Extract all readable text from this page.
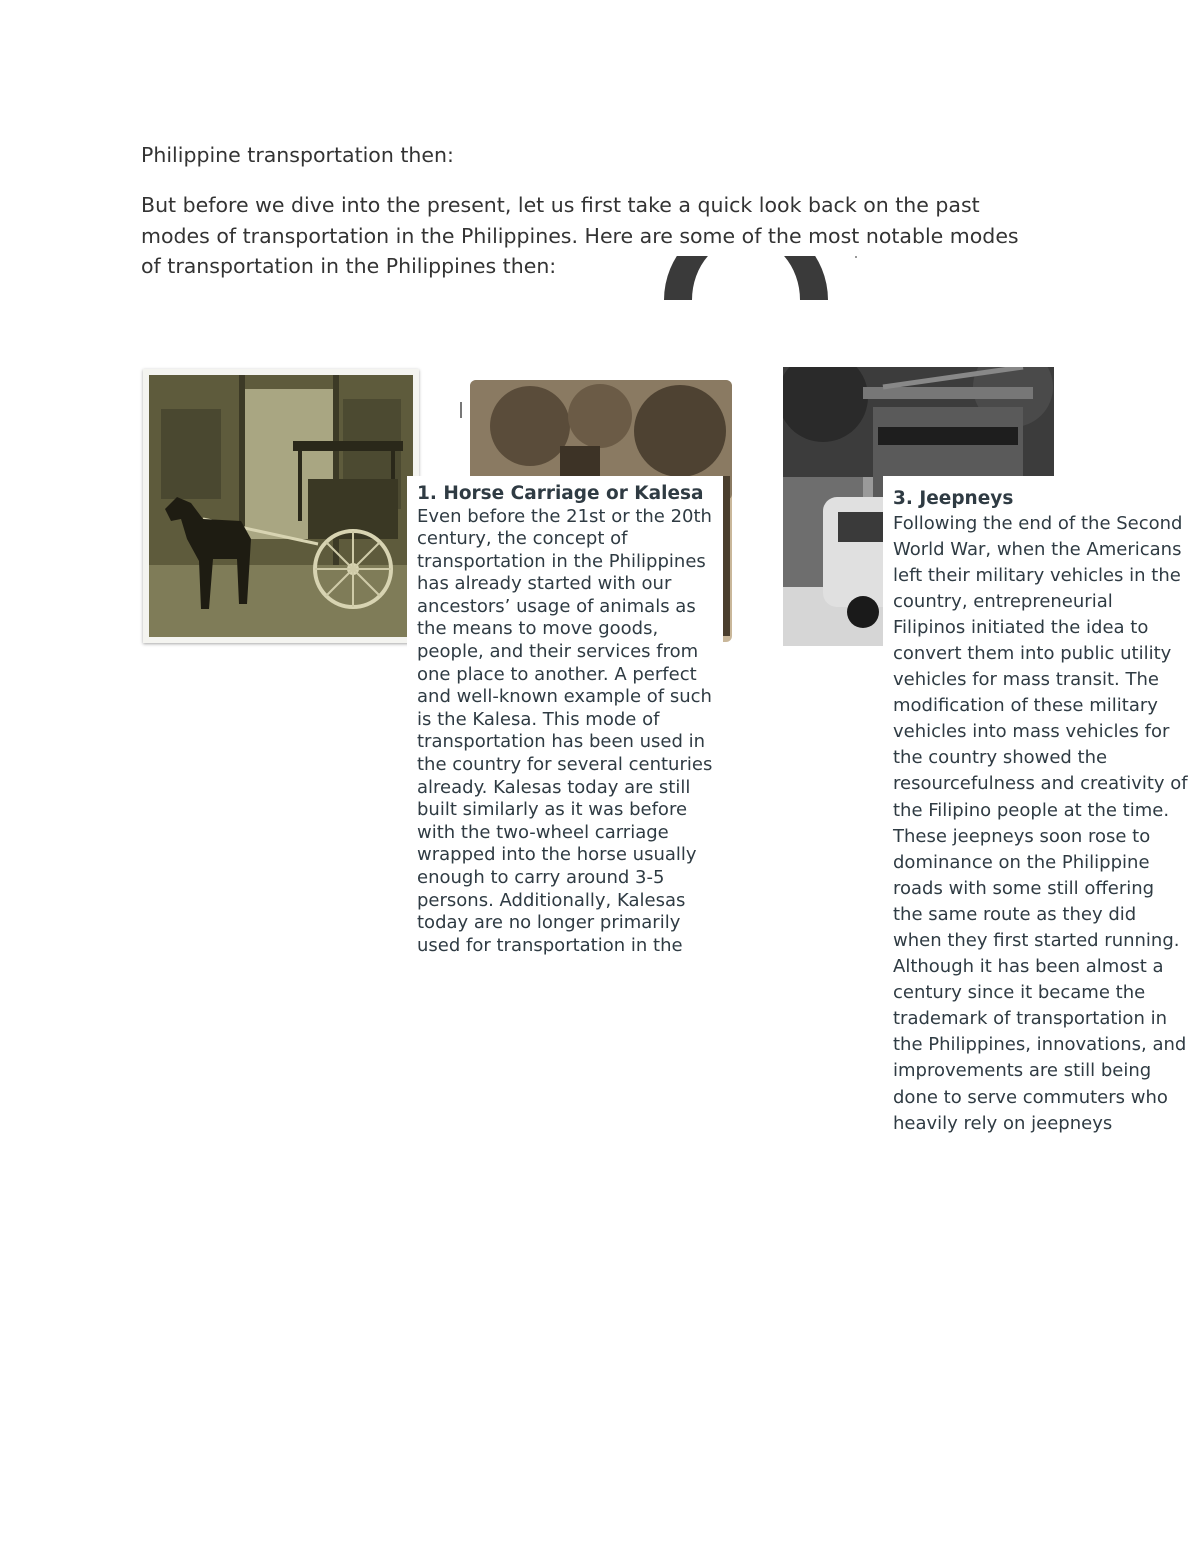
Philippine transportation then:

But before we dive into the present, let us first take a quick look back on the past modes of transportation in the Philippines. Here are some of the most notable modes of transportation in the Philippines then:

1. Horse Carriage or Kalesa

Even before the 21st or the 20th century, the concept of transportation in the Philippines has already started with our ancestors’ usage of animals as the means to move goods, people, and their services from one place to another. A perfect and well-known example of such is the Kalesa. This mode of transportation has been used in the country for several centuries already. Kalesas today are still built similarly as it was before with the two-wheel carriage wrapped into the horse usually enough to carry around 3-5 persons. Additionally, Kalesas today are no longer primarily used for transportation in the

3. Jeepneys

Following the end of the Second World War, when the Americans left their military vehicles in the country, entrepreneurial Filipinos initiated the idea to convert them into public utility vehicles for mass transit. The modification of these military vehicles into mass vehicles for the country showed the resourcefulness and creativity of the Filipino people at the time. These jeepneys soon rose to dominance on the Philippine roads with some still offering the same route as they did when they first started running. Although it has been almost a century since it became the trademark of transportation in the Philippines, innovations, and improvements are still being done to serve commuters who heavily rely on jeepneys
